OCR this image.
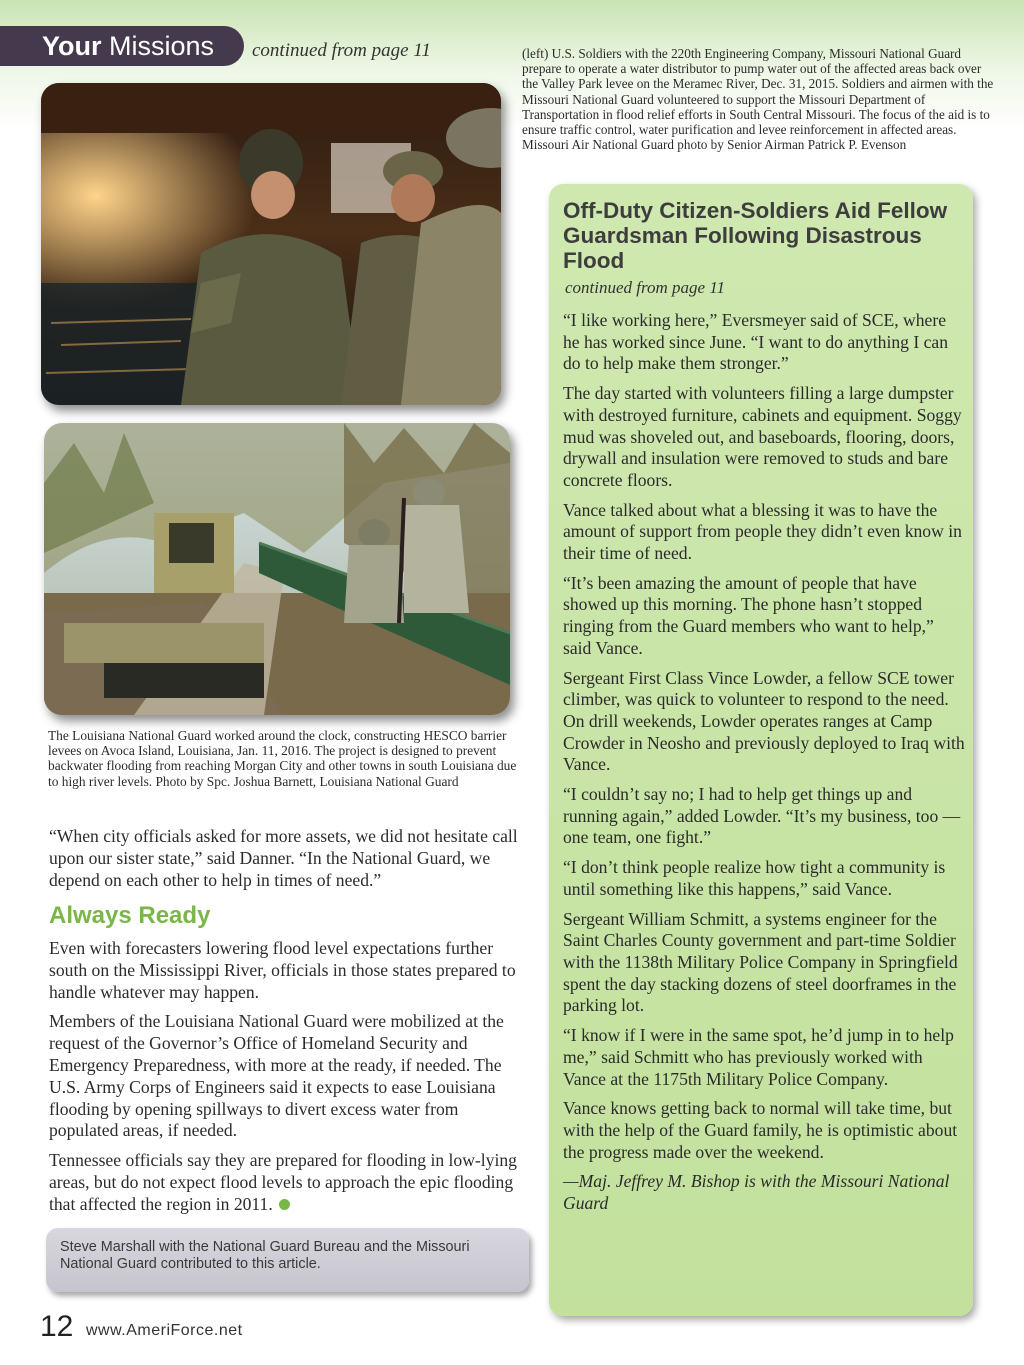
Your Missions	continued from page 11	(left) U.S. Soldiers with the 220th Engineering Company, Missouri National Guard prepare to operate a water distributor to pump water out of the affected areas back over the Valley Park levee on the Meramec River, Dec. 31, 2015. Soldiers and airmen with the Missouri National Guard volunteered to support the Missouri Department of Transportation in flood relief efforts in South Central Missouri. The focus of the aid is to ensure traffic control, water purification and levee reinforcement in affected areas. Missouri Air National Guard photo by Senior Airman Patrick P. Evenson
The Louisiana National Guard worked around the clock, constructing HESCO barrier levees on Avoca Island, Louisiana, Jan. 11, 2016. The project is designed to prevent backwater flooding from reaching Morgan City and other towns in south Louisiana due to high river levels. Photo by Spc. Joshua Barnett, Louisiana National Guard

“When city officials asked for more assets, we did not hesitate call upon our sister state,” said Danner. “In the National Guard, we depend on each other to help in times of need.”

Always Ready

Even with forecasters lowering flood level expectations further south on the Mississippi River, officials in those states prepared to handle whatever may happen.

Members of the Louisiana National Guard were mobilized at the request of the Governor’s Office of Homeland Security and Emergency Preparedness, with more at the ready, if needed. The U.S. Army Corps of Engineers said it expects to ease Louisiana flooding by opening spillways to divert excess water from populated areas, if needed.

Tennessee officials say they are prepared for flooding in low-lying areas, but do not expect flood levels to approach the epic flooding that affected the region in 2011.

Steve Marshall with the National Guard Bureau and the Missouri National Guard contributed to this article.
Off-Duty Citizen-Soldiers Aid Fellow Guardsman Following Disastrous Flood
continued from page 11

“I like working here,” Eversmeyer said of SCE, where he has worked since June. “I want to do anything I can do to help make them stronger.”

The day started with volunteers filling a large dumpster with destroyed furniture, cabinets and equipment. Soggy mud was shoveled out, and baseboards, flooring, doors, drywall and insulation were removed to studs and bare concrete floors.

Vance talked about what a blessing it was to have the amount of support from people they didn’t even know in their time of need.

“It’s been amazing the amount of people that have showed up this morning. The phone hasn’t stopped ringing from the Guard members who want to help,” said Vance.

Sergeant First Class Vince Lowder, a fellow SCE tower climber, was quick to volunteer to respond to the need. On drill weekends, Lowder operates ranges at Camp Crowder in Neosho and previously deployed to Iraq with Vance.

“I couldn’t say no; I had to help get things up and running again,” added Lowder. “It’s my business, too — one team, one fight.”

“I don’t think people realize how tight a community is until something like this happens,” said Vance.

Sergeant William Schmitt, a systems engineer for the Saint Charles County government and part-time Soldier with the 1138th Military Police Company in Springfield spent the day stacking dozens of steel doorframes in the parking lot.

“I know if I were in the same spot, he’d jump in to help me,” said Schmitt who has previously worked with Vance at the 1175th Military Police Company.

Vance knows getting back to normal will take time, but with the help of the Guard family, he is optimistic about the progress made over the weekend.

—Maj. Jeffrey M. Bishop is with the Missouri National Guard

12 www.AmeriForce.net
